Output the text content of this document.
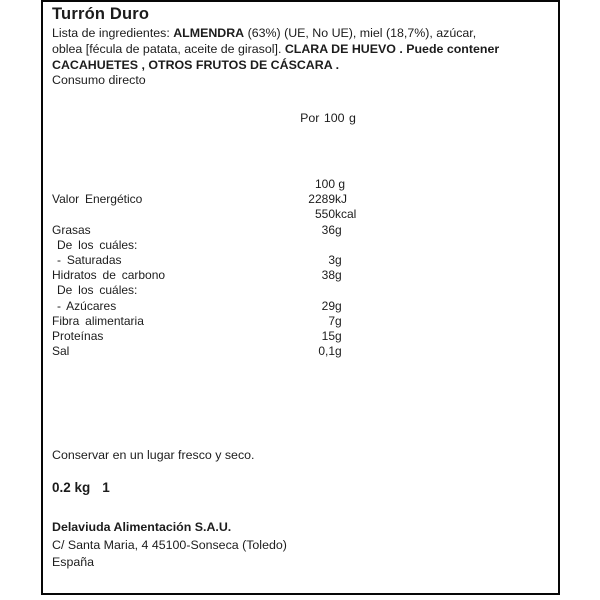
Turrón Duro
Lista de ingredientes: ALMENDRA (63%) (UE, No UE), miel (18,7%), azúcar,
oblea [fécula de patata, aceite de girasol]. CLARA DE HUEVO . Puede contener
CACAHUETES , OTROS FRUTOS DE CÁSCARA .
Consumo directo
Por 100 g
100 g
Valor Energético	2289kJ
550kcal
Grasas	36g
De los cuáles:
- Saturadas	3g
Hidratos de carbono	38g
De los cuáles:
- Azúcares	29g
Fibra alimentaria	7g
Proteínas	15g
Sal	0,1g
Conservar en un lugar fresco y seco.
0.2 kg 1
Delaviuda Alimentación S.A.U.
C/ Santa Maria, 4 45100-Sonseca (Toledo)
España
